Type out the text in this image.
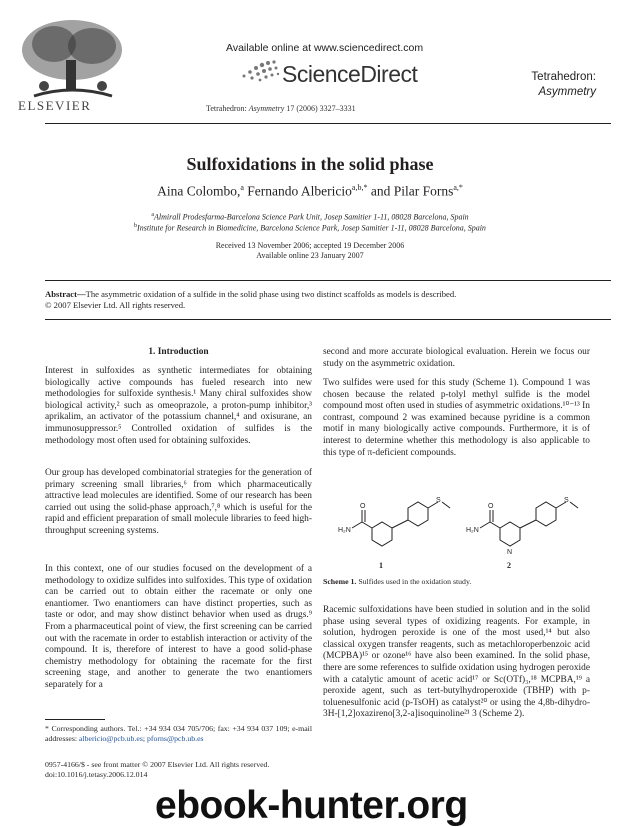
ELSEVIER
Available online at www.sciencedirect.com
ScienceDirect
Tetrahedron: Asymmetry 17 (2006) 3327–3331
Tetrahedron:
Asymmetry
Sulfoxidations in the solid phase
Aina Colombo,$^a$ Fernando Albericio$^{a,b,*}$ and Pilar Forns$^{a,*}$
$^a$Almirall Prodesfarma-Barcelona Science Park Unit, Josep Samitier 1-11, 08028 Barcelona, Spain
$^b$Institute for Research in Biomedicine, Barcelona Science Park, Josep Samitier 1-11, 08028 Barcelona, Spain
Received 13 November 2006; accepted 19 December 2006
Available online 23 January 2007
Abstract—The asymmetric oxidation of a sulfide in the solid phase using two distinct scaffolds as models is described.
© 2007 Elsevier Ltd. All rights reserved.
1. Introduction

Interest in sulfoxides as synthetic intermediates for obtaining biologically active compounds has fueled research into new methodologies for sulfoxide synthesis.¹ Many chiral sulfoxides show biological activity,² such as omeoprazole, a proton-pump inhibitor,³ aprikalim, an activator of the potassium channel,⁴ and oxisurane, an immunosuppressor.⁵ Controlled oxidation of sulfides is the methodology most often used for obtaining sulfoxides.

Our group has developed combinatorial strategies for the generation of primary screening small libraries,⁶ from which pharmaceutically attractive lead molecules are identified. Some of our research has been carried out using the solid-phase approach,⁷,⁸ which is useful for the rapid and efficient preparation of small molecule libraries to feed high-throughput screening systems.

In this context, one of our studies focused on the development of a methodology to oxidize sulfides into sulfoxides. This type of oxidation can be carried out to obtain either the racemate or only one enantiomer. Two enantiomers can have distinct properties, such as taste or odor, and may show distinct behavior when used as drugs.⁹ From a pharmaceutical point of view, the first screening can be carried out with the racemate in order to establish interaction or activity of the compound. It is, therefore of interest to have a good solid-phase chemistry methodology for obtaining the racemate for the first screening stage, and another to generate the two enantiomers separately for a

* Corresponding authors. Tel.: +34 934 034 705/706; fax: +34 934 037 109; e-mail addresses: albericio@pcb.ub.es; pforns@pcb.ub.es
0957-4166/$ - see front matter © 2007 Elsevier Ltd. All rights reserved.
doi:10.1016/j.tetasy.2006.12.014

second and more accurate biological evaluation. Herein we focus our study on the asymmetric oxidation.

Two sulfides were used for this study (Scheme 1). Compound 1 was chosen because the related p-tolyl methyl sulfide is the model compound most often used in studies of asymmetric oxidations.¹⁰⁻¹³ In contrast, compound 2 was examined because pyridine is a common motif in many biologically active compounds. Furthermore, it is of interest to determine whether this methodology is also applicable to this type of π-deficient compounds.

S	S
O	O
H₂N	H₂N
N
1	2
Scheme 1. Sulfides used in the oxidation study.

Racemic sulfoxidations have been studied in solution and in the solid phase using several types of oxidizing reagents. For example, in solution, hydrogen peroxide is one of the most used,¹⁴ but also classical oxygen transfer reagents, such as metachloroperbenzoic acid (MCPBA)¹⁵ or ozone¹⁶ have also been examined. In the solid phase, there are some references to sulfide oxidation using hydrogen peroxide with a catalytic amount of acetic acid¹⁷ or Sc(OTf)₃,¹⁸ MCPBA,¹⁹ a peroxide agent, such as tert-butylhydroperoxide (TBHP) with p-toluenesulfonic acid (p-TsOH) as catalyst²⁰ or using the 4,8b-dihydro-3H-[1,2]oxazireno[3,2-a]isoquinoline²¹ 3 (Scheme 2).

ebook-hunter.org
